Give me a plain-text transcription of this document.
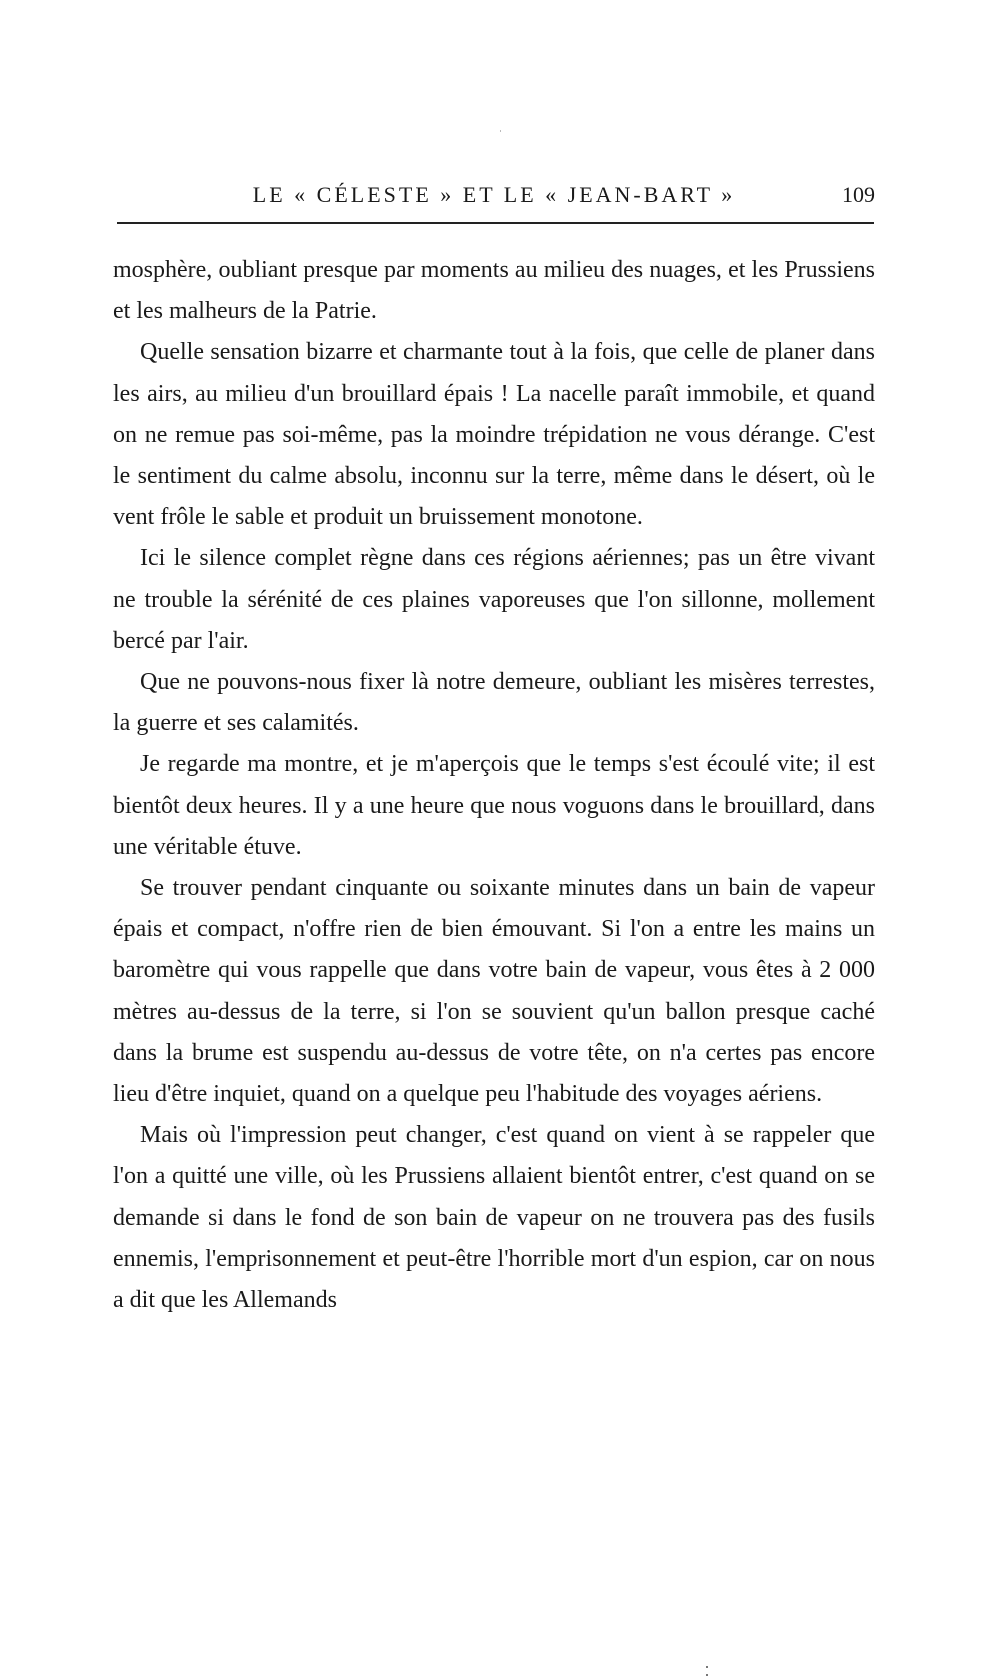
LE « CÉLESTE » ET LE « JEAN-BART »	109

mosphère, oubliant presque par moments au milieu des nuages, et les Prussiens et les malheurs de la Patrie.

Quelle sensation bizarre et charmante tout à la fois, que celle de planer dans les airs, au milieu d'un brouillard épais ! La nacelle paraît immobile, et quand on ne remue pas soi-même, pas la moindre trépidation ne vous dérange. C'est le sentiment du calme absolu, inconnu sur la terre, même dans le désert, où le vent frôle le sable et produit un bruissement monotone.

Ici le silence complet règne dans ces régions aériennes; pas un être vivant ne trouble la sérénité de ces plaines vaporeuses que l'on sillonne, mollement bercé par l'air.

Que ne pouvons-nous fixer là notre demeure, oubliant les misères terrestes, la guerre et ses calamités.

Je regarde ma montre, et je m'aperçois que le temps s'est écoulé vite; il est bientôt deux heures. Il y a une heure que nous voguons dans le brouillard, dans une véritable étuve.

Se trouver pendant cinquante ou soixante minutes dans un bain de vapeur épais et compact, n'offre rien de bien émouvant. Si l'on a entre les mains un baromètre qui vous rappelle que dans votre bain de vapeur, vous êtes à 2 000 mètres au-dessus de la terre, si l'on se souvient qu'un ballon presque caché dans la brume est suspendu au-dessus de votre tête, on n'a certes pas encore lieu d'être inquiet, quand on a quelque peu l'habitude des voyages aériens.

Mais où l'impression peut changer, c'est quand on vient à se rappeler que l'on a quitté une ville, où les Prussiens allaient bientôt entrer, c'est quand on se demande si dans le fond de son bain de vapeur on ne trouvera pas des fusils ennemis, l'emprisonnement et peut-être l'horrible mort d'un espion, car on nous a dit que les Allemands
